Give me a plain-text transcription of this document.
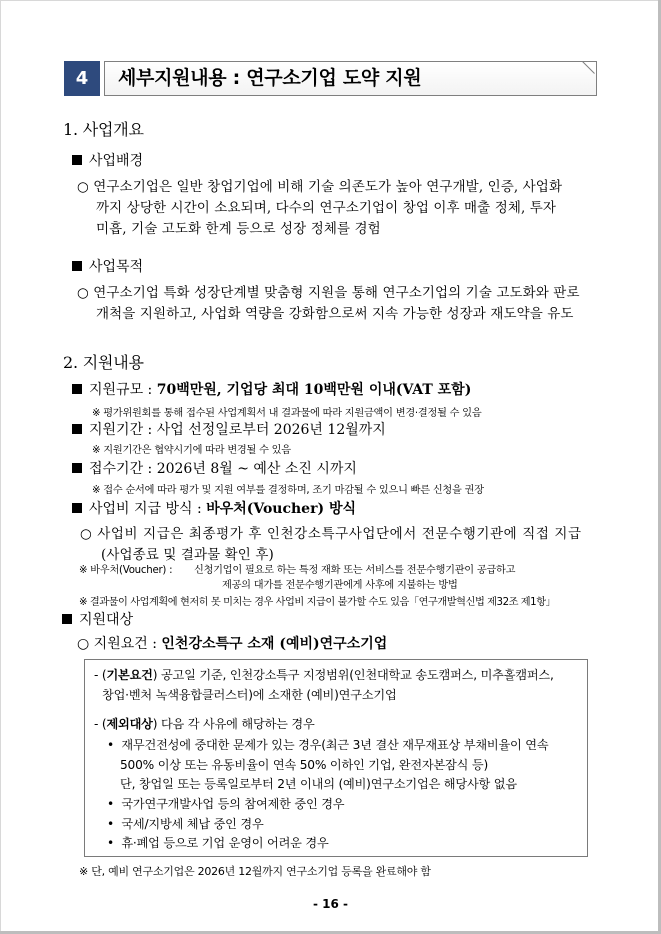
4	세부지원내용 : 연구소기업 도약 지원
1. 사업개요
사업배경
○ 연구소기업은 일반 창업기업에 비해 기술 의존도가 높아 연구개발, 인증, 사업화
까지 상당한 시간이 소요되며, 다수의 연구소기업이 창업 이후 매출 정체, 투자
미흡, 기술 고도화 한계 등으로 성장 정체를 경험
사업목적
○ 연구소기업 특화 성장단계별 맞춤형 지원을 통해 연구소기업의 기술 고도화와 판로
개척을 지원하고, 사업화 역량을 강화함으로써 지속 가능한 성장과 재도약을 유도
2. 지원내용
지원규모 : 70백만원, 기업당 최대 10백만원 이내(VAT 포함)
※ 평가위원회를 통해 접수된 사업계획서 내 결과물에 따라 지원금액이 변경·결정될 수 있음
지원기간 : 사업 선정일로부터 2026년 12월까지
※ 지원기간은 협약시기에 따라 변경될 수 있음
접수기간 : 2026년 8월 ~ 예산 소진 시까지
※ 접수 순서에 따라 평가 및 지원 여부를 결정하며, 조기 마감될 수 있으니 빠른 신청을 권장
사업비 지급 방식 : 바우처(Voucher) 방식
○ 사업비 지급은 최종평가 후 인천강소특구사업단에서 전문수행기관에 직접 지급
(사업종료 및 결과물 확인 후)
※ 바우처(Voucher) : 신청기업이 필요로 하는 특정 재화 또는 서비스를 전문수행기관이 공급하고
제공의 대가를 전문수행기관에게 사후에 지불하는 방법
※ 결과물이 사업계획에 현저히 못 미치는 경우 사업비 지급이 불가할 수도 있음「연구개발혁신법 제32조 제1항」
지원대상
○ 지원요건 : 인천강소특구 소재 (예비)연구소기업
- (기본요건) 공고일 기준, 인천강소특구 지정범위(인천대학교 송도캠퍼스, 미추홀캠퍼스,
창업·벤처 녹색융합클러스터)에 소재한 (예비)연구소기업
- (제외대상) 다음 각 사유에 해당하는 경우
•  재무건전성에 중대한 문제가 있는 경우(최근 3년 결산 재무재표상 부채비율이 연속
500% 이상 또는 유동비율이 연속 50% 이하인 기업, 완전자본잠식 등)
단, 창업일 또는 등록일로부터 2년 이내의 (예비)연구소기업은 해당사항 없음
•  국가연구개발사업 등의 참여제한 중인 경우
•  국세/지방세 체납 중인 경우
•  휴·폐업 등으로 기업 운영이 어려운 경우
※ 단, 예비 연구소기업은 2026년 12월까지 연구소기업 등록을 완료해야 함
- 16 -
